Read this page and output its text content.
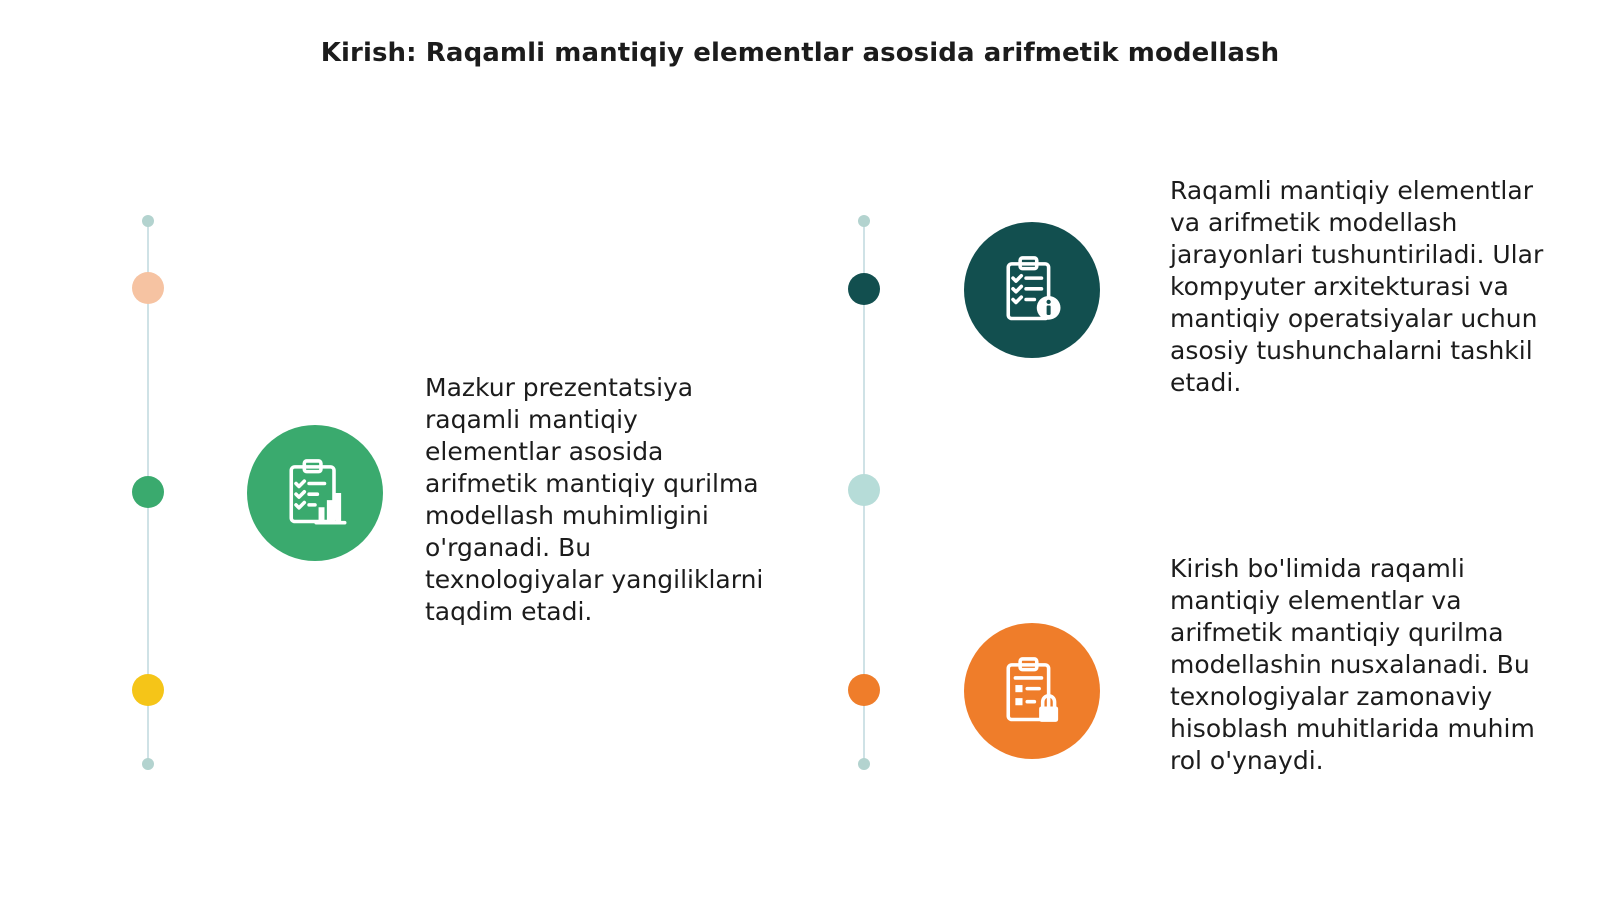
Kirish: Raqamli mantiqiy elementlar asosida arifmetik modellash
Mazkur prezentatsiya raqamli mantiqiy elementlar asosida arifmetik mantiqiy qurilma modellash muhimligini o'rganadi. Bu texnologiyalar yangiliklarni taqdim etadi.
Raqamli mantiqiy elementlar va arifmetik modellash jarayonlari tushuntiriladi. Ular kompyuter arxitekturasi va mantiqiy operatsiyalar uchun asosiy tushunchalarni tashkil etadi.
Kirish bo'limida raqamli mantiqiy elementlar va arifmetik mantiqiy qurilma modellashin nusxalanadi. Bu texnologiyalar zamonaviy hisoblash muhitlarida muhim rol o'ynaydi.
